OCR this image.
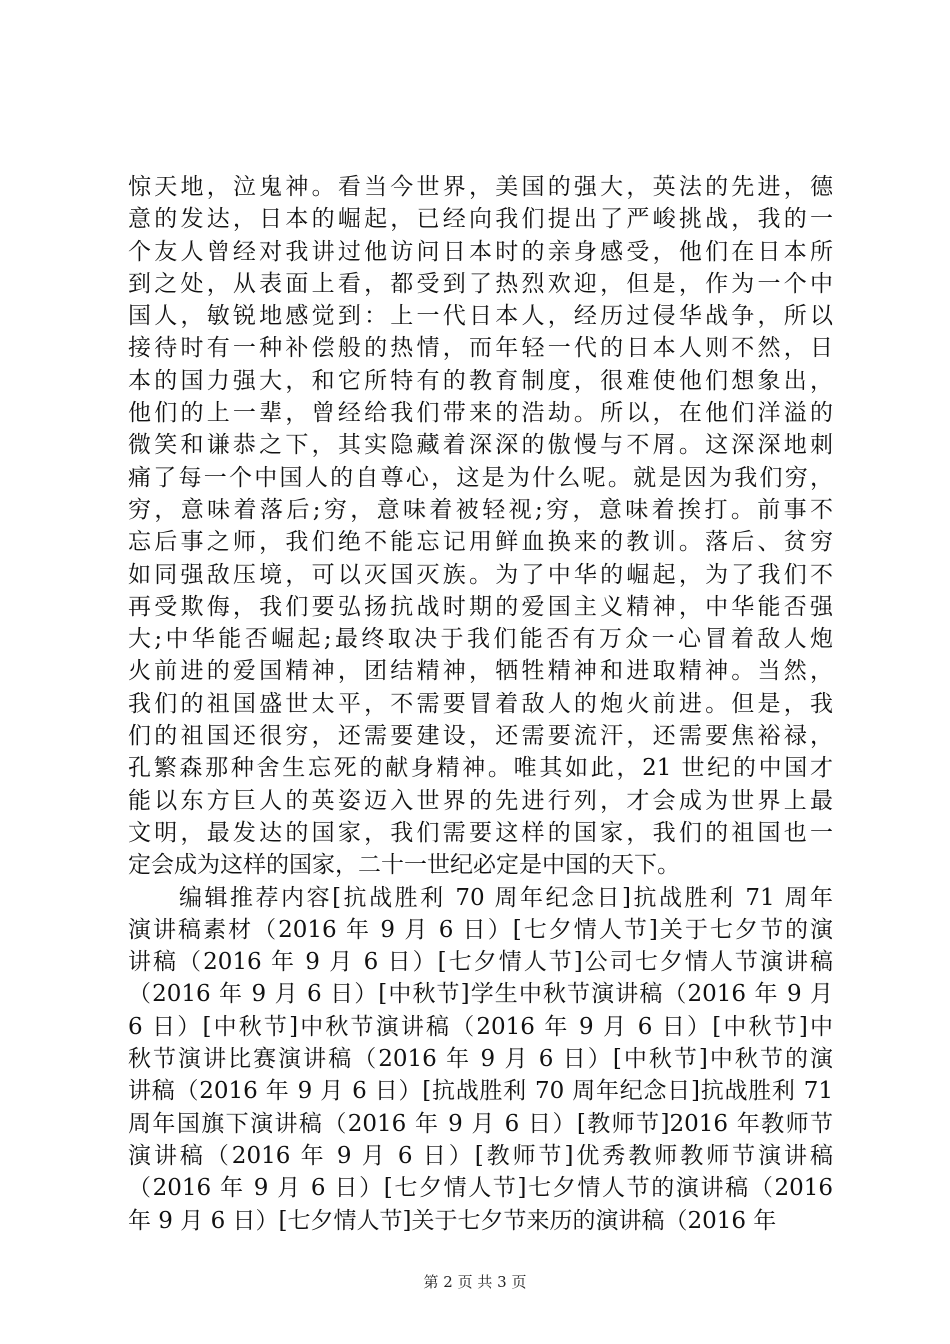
惊天地，泣鬼神。看当今世界，美国的强大，英法的先进，德
意的发达，日本的崛起，已经向我们提出了严峻挑战，我的一
个友人曾经对我讲过他访问日本时的亲身感受，他们在日本所
到之处，从表面上看，都受到了热烈欢迎，但是，作为一个中
国人，敏锐地感觉到：上一代日本人，经历过侵华战争，所以
接待时有一种补偿般的热情，而年轻一代的日本人则不然，日
本的国力强大，和它所特有的教育制度，很难使他们想象出，
他们的上一辈，曾经给我们带来的浩劫。所以，在他们洋溢的
微笑和谦恭之下，其实隐藏着深深的傲慢与不屑。这深深地刺
痛了每一个中国人的自尊心，这是为什么呢。就是因为我们穷，
穷，意味着落后;穷，意味着被轻视;穷，意味着挨打。前事不
忘后事之师，我们绝不能忘记用鲜血换来的教训。落后、贫穷
如同强敌压境，可以灭国灭族。为了中华的崛起，为了我们不
再受欺侮，我们要弘扬抗战时期的爱国主义精神，中华能否强
大;中华能否崛起;最终取决于我们能否有万众一心冒着敌人炮
火前进的爱国精神，团结精神，牺牲精神和进取精神。当然，
我们的祖国盛世太平，不需要冒着敌人的炮火前进。但是，我
们的祖国还很穷，还需要建设，还需要流汗，还需要焦裕禄，
孔繁森那种舍生忘死的献身精神。唯其如此，21 世纪的中国才
能以东方巨人的英姿迈入世界的先进行列，才会成为世界上最
文明，最发达的国家，我们需要这样的国家，我们的祖国也一
定会成为这样的国家，二十一世纪必定是中国的天下。
　　编辑推荐内容[抗战胜利 70 周年纪念日]抗战胜利 71 周年
演讲稿素材（2016 年 9 月 6 日）[七夕情人节]关于七夕节的演
讲稿（2016 年 9 月 6 日）[七夕情人节]公司七夕情人节演讲稿
（2016 年 9 月 6 日）[中秋节]学生中秋节演讲稿（2016 年 9 月
6 日）[中秋节]中秋节演讲稿（2016 年 9 月 6 日）[中秋节]中
秋节演讲比赛演讲稿（2016 年 9 月 6 日）[中秋节]中秋节的演
讲稿（2016 年 9 月 6 日）[抗战胜利 70 周年纪念日]抗战胜利 71
周年国旗下演讲稿（2016 年 9 月 6 日）[教师节]2016 年教师节
演讲稿（2016 年 9 月 6 日）[教师节]优秀教师教师节演讲稿
（2016 年 9 月 6 日）[七夕情人节]七夕情人节的演讲稿（2016
年 9 月 6 日）[七夕情人节]关于七夕节来历的演讲稿（2016 年
第 2 页 共 3 页
